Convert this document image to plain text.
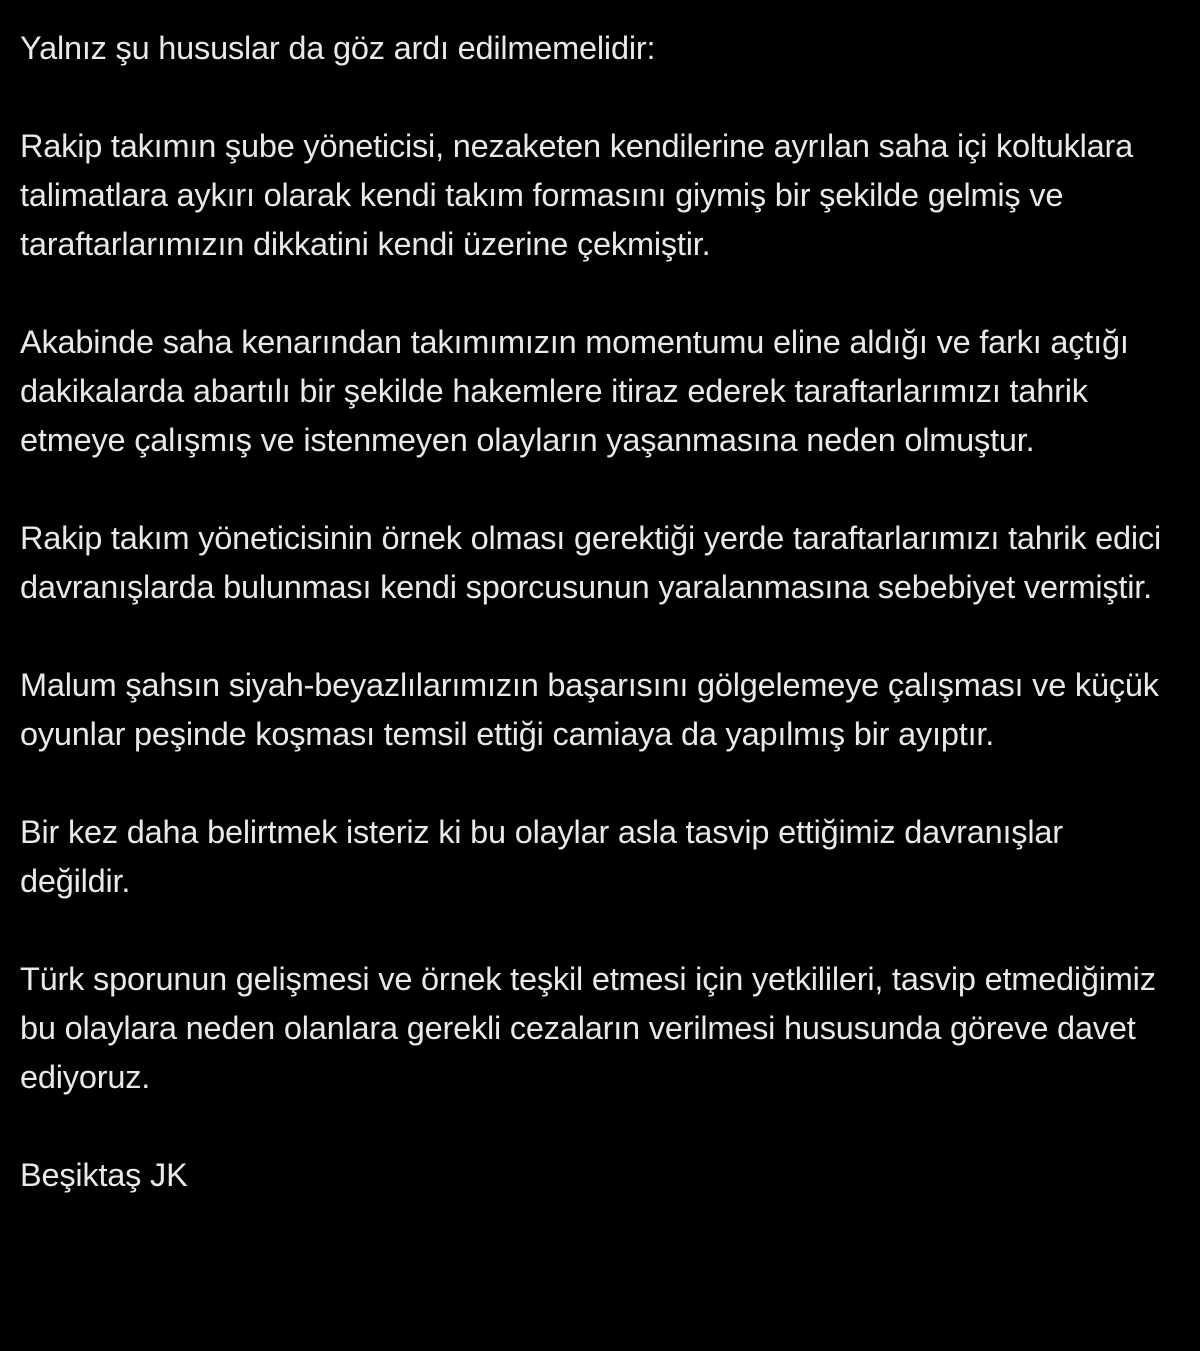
Yalnız şu hususlar da göz ardı edilmemelidir:

Rakip takımın şube yöneticisi, nezaketen kendilerine ayrılan saha içi koltuklara talimatlara aykırı olarak kendi takım formasını giymiş bir şekilde gelmiş ve taraftarlarımızın dikkatini kendi üzerine çekmiştir.

Akabinde saha kenarından takımımızın momentumu eline aldığı ve farkı açtığı dakikalarda abartılı bir şekilde hakemlere itiraz ederek taraftarlarımızı tahrik etmeye çalışmış ve istenmeyen olayların yaşanmasına neden olmuştur.

Rakip takım yöneticisinin örnek olması gerektiği yerde taraftarlarımızı tahrik edici davranışlarda bulunması kendi sporcusunun yaralanmasına sebebiyet vermiştir.

Malum şahsın siyah-beyazlılarımızın başarısını gölgelemeye çalışması ve küçük oyunlar peşinde koşması temsil ettiği camiaya da yapılmış bir ayıptır.

Bir kez daha belirtmek isteriz ki bu olaylar asla tasvip ettiğimiz davranışlar değildir.

Türk sporunun gelişmesi ve örnek teşkil etmesi için yetkilileri, tasvip etmediğimiz bu olaylara neden olanlara gerekli cezaların verilmesi hususunda göreve davet ediyoruz.

Beşiktaş JK
